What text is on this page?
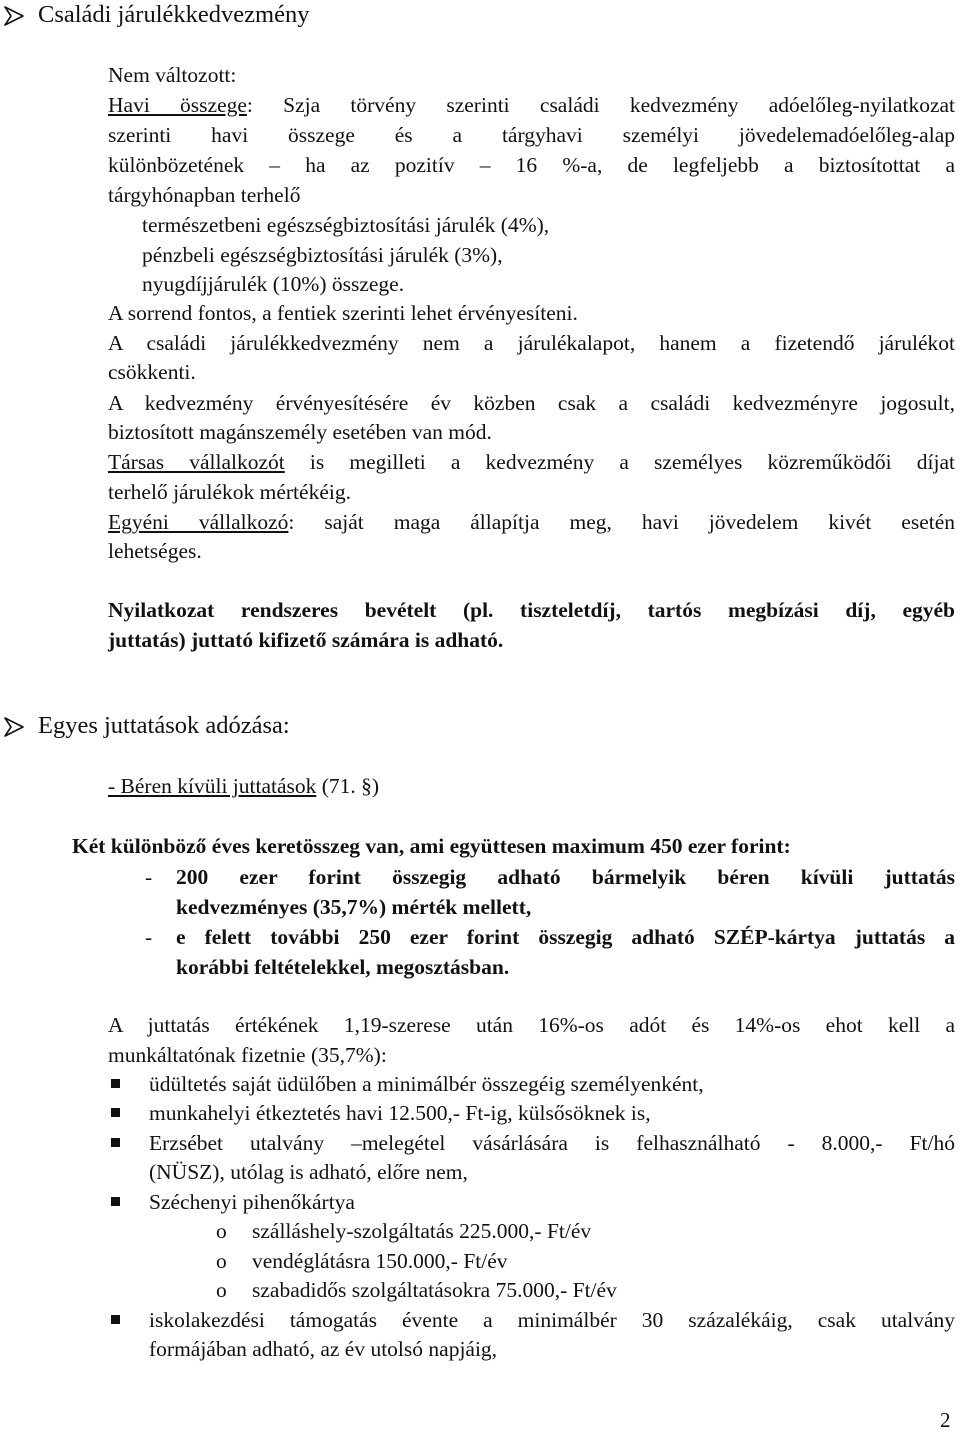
Családi járulékkedvezmény
Nem változott:
Havi összege: Szja törvény szerinti családi kedvezmény adóelőleg-nyilatkozat
szerinti havi összege és a tárgyhavi személyi jövedelemadóelőleg-alap
különbözetének – ha az pozitív – 16 %-a, de legfeljebb a biztosítottat a
tárgyhónapban terhelő
természetbeni egészségbiztosítási járulék (4%),
pénzbeli egészségbiztosítási járulék (3%),
nyugdíjjárulék (10%) összege.
A sorrend fontos, a fentiek szerinti lehet érvényesíteni.
A családi járulékkedvezmény nem a járulékalapot, hanem a fizetendő járulékot
csökkenti.
A kedvezmény érvényesítésére év közben csak a családi kedvezményre jogosult,
biztosított magánszemély esetében van mód.
Társas vállalkozót is megilleti a kedvezmény a személyes közreműködői díjat
terhelő járulékok mértékéig.
Egyéni vállalkozó: saját maga állapítja meg, havi jövedelem kivét esetén
lehetséges.
Nyilatkozat rendszeres bevételt (pl. tiszteletdíj, tartós megbízási díj, egyéb
juttatás) juttató kifizető számára is adható.
Egyes juttatások adózása:
- Béren kívüli juttatások (71. §)
Két különböző éves keretösszeg van, ami együttesen maximum 450 ezer forint:
- 200 ezer forint összegig adható bármelyik béren kívüli juttatás
kedvezményes (35,7%) mérték mellett,
- e felett további 250 ezer forint összegig adható SZÉP-kártya juttatás a
korábbi feltételekkel, megosztásban.
A juttatás értékének 1,19-szerese után 16%-os adót és 14%-os ehot kell a
munkáltatónak fizetnie (35,7%):
üdültetés saját üdülőben a minimálbér összegéig személyenként,
munkahelyi étkeztetés havi 12.500,- Ft-ig, külsősöknek is,
Erzsébet utalvány –melegétel vásárlására is felhasználható - 8.000,- Ft/hó
(NÜSZ), utólag is adható, előre nem,
Széchenyi pihenőkártya
o szálláshely-szolgáltatás 225.000,- Ft/év
o vendéglátásra 150.000,- Ft/év
o szabadidős szolgáltatásokra 75.000,- Ft/év
iskolakezdési támogatás évente a minimálbér 30 százalékáig, csak utalvány
formájában adható, az év utolsó napjáig,
2
